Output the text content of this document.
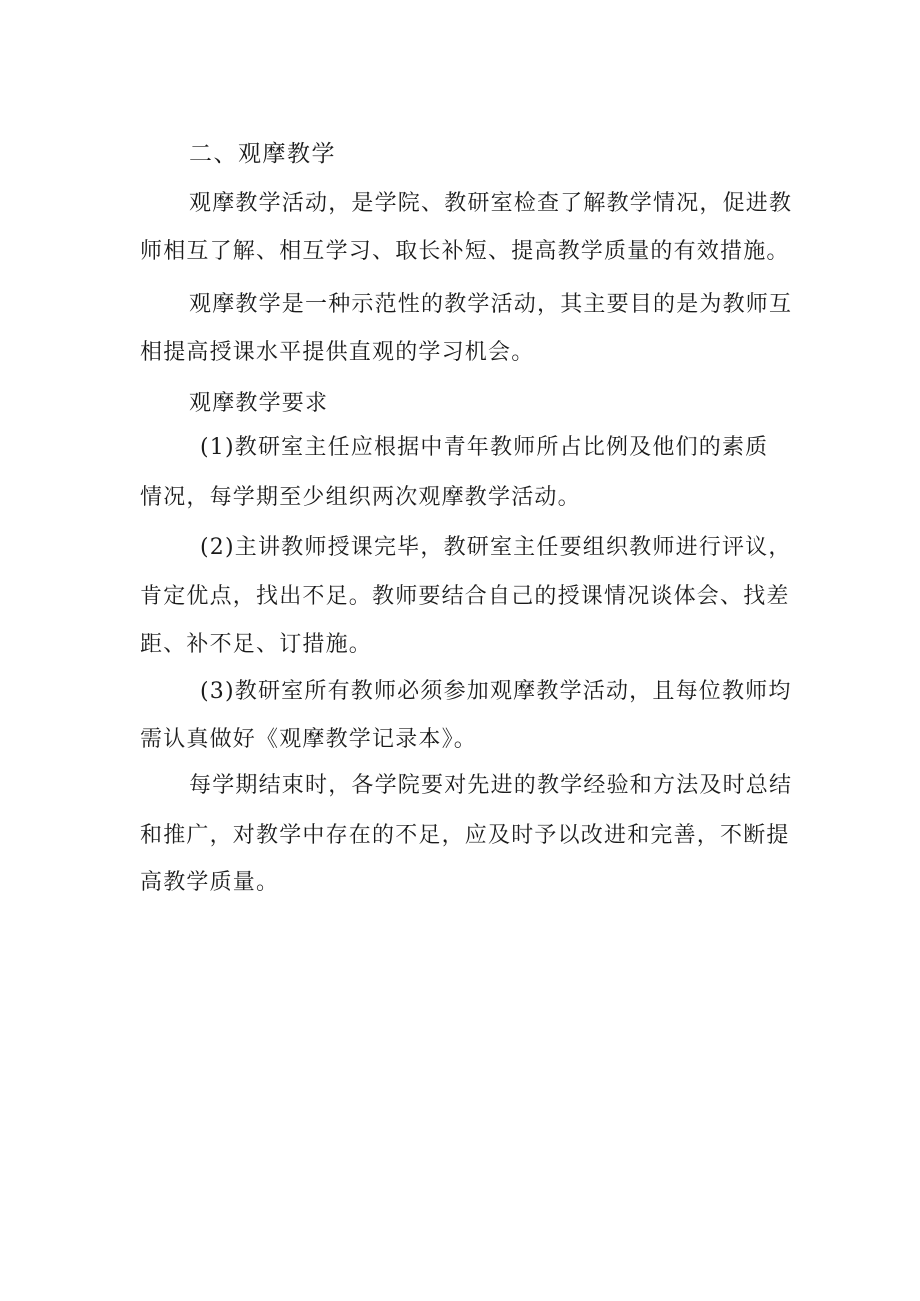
二、观摩教学
观摩教学活动，是学院、教研室检查了解教学情况，促进教
师相互了解、相互学习、取长补短、提高教学质量的有效措施。
观摩教学是一种示范性的教学活动，其主要目的是为教师互
相提高授课水平提供直观的学习机会。
观摩教学要求
(1)教研室主任应根据中青年教师所占比例及他们的素质
情况，每学期至少组织两次观摩教学活动。
(2)主讲教师授课完毕，教研室主任要组织教师进行评议，
肯定优点，找出不足。教师要结合自己的授课情况谈体会、找差
距、补不足、订措施。
(3)教研室所有教师必须参加观摩教学活动，且每位教师均
需认真做好《观摩教学记录本》。
每学期结束时，各学院要对先进的教学经验和方法及时总结
和推广，对教学中存在的不足，应及时予以改进和完善，不断提
高教学质量。
